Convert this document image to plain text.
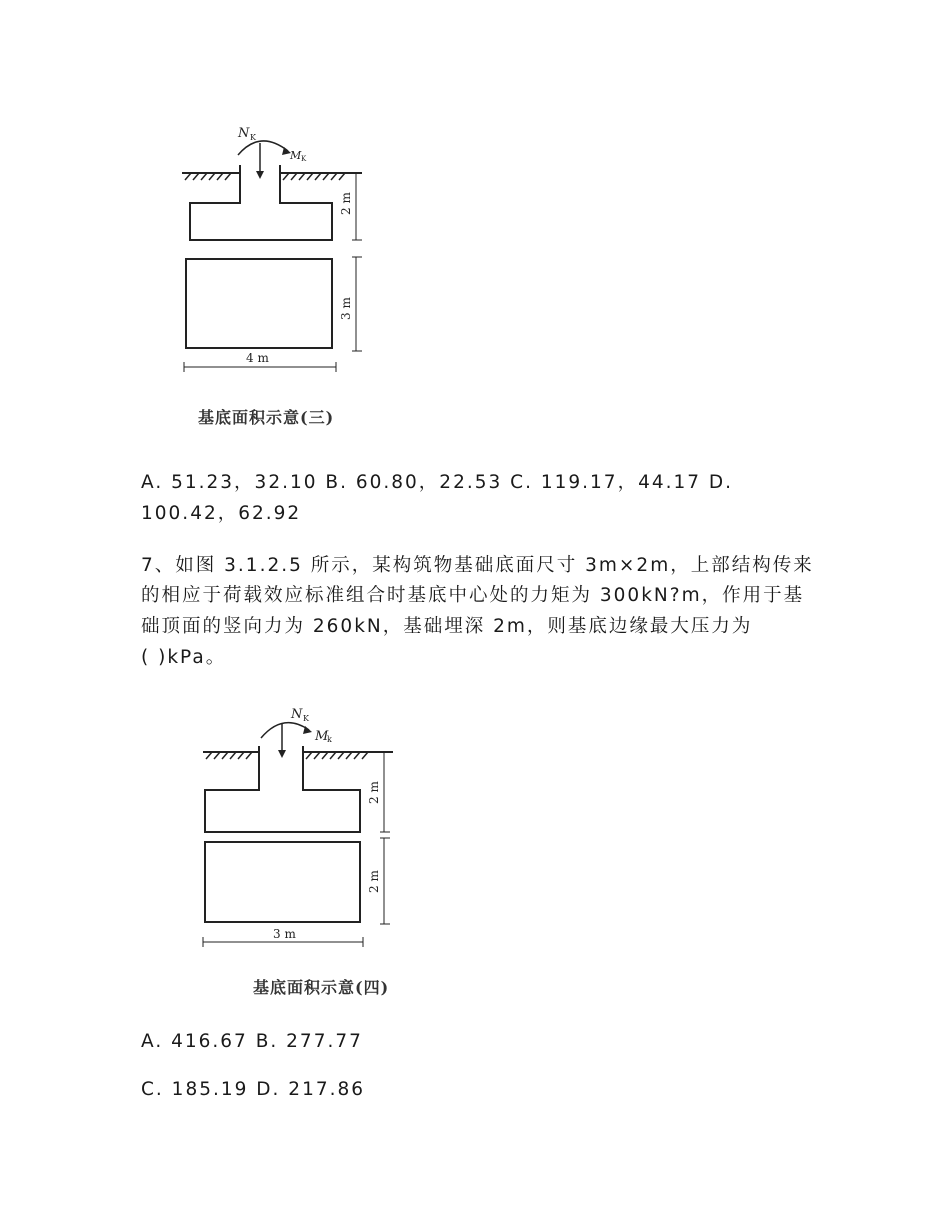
N K
M K
2 m
3 m
4 m
基底面积示意(三)
A. 51.23，32.10 B. 60.80，22.53 C. 119.17，44.17 D.
100.42，62.92
7、如图 3.1.2.5 所示，某构筑物基础底面尺寸 3m×2m，上部结构传来
的相应于荷载效应标准组合时基底中心处的力矩为 300kN?m，作用于基
础顶面的竖向力为 260kN，基础埋深 2m，则基底边缘最大压力为
( )kPa。
N K
M
k
2 m
2 m
3 m
基底面积示意(四)
A. 416.67 B. 277.77
C. 185.19 D. 217.86
